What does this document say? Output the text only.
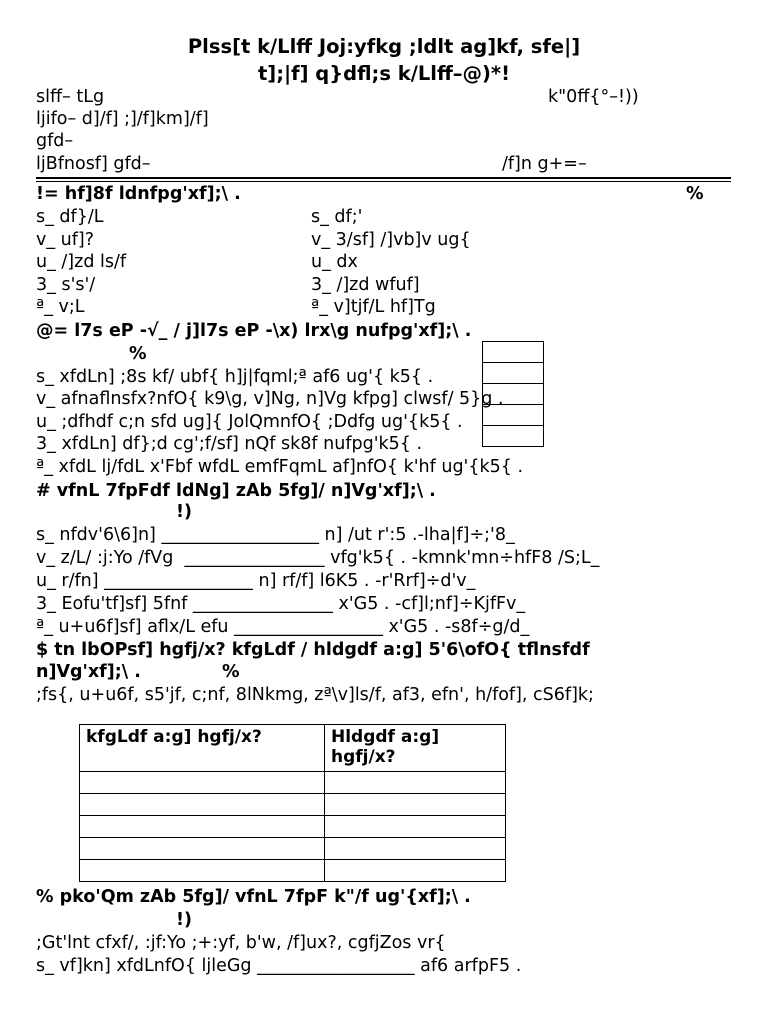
Plss[t k/Llff Joj:yfkg ;ldlt ag]kf, sfe|]
t];|f] q}dfl;s k/Llff–@)*!
slff– tLg	k"0ff{°–!))
ljifo– d]/f] ;]/f]km]/f]
gfd–
ljBfnosf] gfd–	/f]n g+=–
!= hf]8f ldnfpg'xf];\ .	%
s_ df}/L	s_ df;'
v_ uf]?	v_ 3/sf] /]vb]v ug{
u_ /]zd ls/f	u_ dx
3_ s's'/	3_ /]zd wfuf]
ª_ v;L	ª_ v]tjf/L hf]Tg
@= l7s eP -√_ / j]l7s eP -\x) lrx\g nufpg'xf];\ .
%
s_ xfdLn] ;8s kf/ ubf{ h]j|fqml;ª af6 ug'{ k5{ .
v_ afnaflnsfx?nfO{ k9\g, v]Ng, n]Vg kfpg] clwsf/ 5}g .
u_ ;dfhdf c;n sfd ug]{ JolQmnfO{ ;Ddfg ug'{k5{ .
3_ xfdLn] df};d cg';f/sf] nQf sk8f nufpg'k5{ .
ª_ xfdL lj/fdL x'Fbf wfdL emfFqmL af]nfO{ k'hf ug'{k5{ .
# vfnL 7fpFdf ldNg] zAb 5fg]/ n]Vg'xf];\ .
!)
s_ nfdv'6\6]n] __________________ n] /ut r':5 .-lha|f]÷;'8_
v_ z/L/ :j:Yo /fVg ________________ vfg'k5{ . -kmnk'mn÷hfF8 /S;L_
u_ r/fn] _________________ n] rf/f] l6K5 . -r'Rrf]÷d'v_
3_ Eofu'tf]sf] 5fnf ________________ x'G5 . -cf]l;nf]÷KjfFv_
ª_ u+u6f]sf] aflx/L efu _________________ x'G5 . -s8f÷g/d_
$ tn lbOPsf] hgfj/x? kfgLdf / hldgdf a:g] 5'6\ofO{ tflnsfdf
n]Vg'xf];\ .	%
;fs{, u+u6f, s5'jf, c;nf, 8lNkmg, zª\v]ls/f, af3, efn', h/fof], cS6f]k;
kfgLdf a:g] hgfj/x?	Hldgdf a:g] hgfj/x?

% pko'Qm zAb 5fg]/ vfnL 7fpF k"/f ug'{xf];\ .
!)
;Gt'lnt cfxf/, :jf:Yo ;+:yf, b'w, /f]ux?, cgfjZos vr{
s_ vf]kn] xfdLnfO{ ljleGg __________________ af6 arfpF5 .
